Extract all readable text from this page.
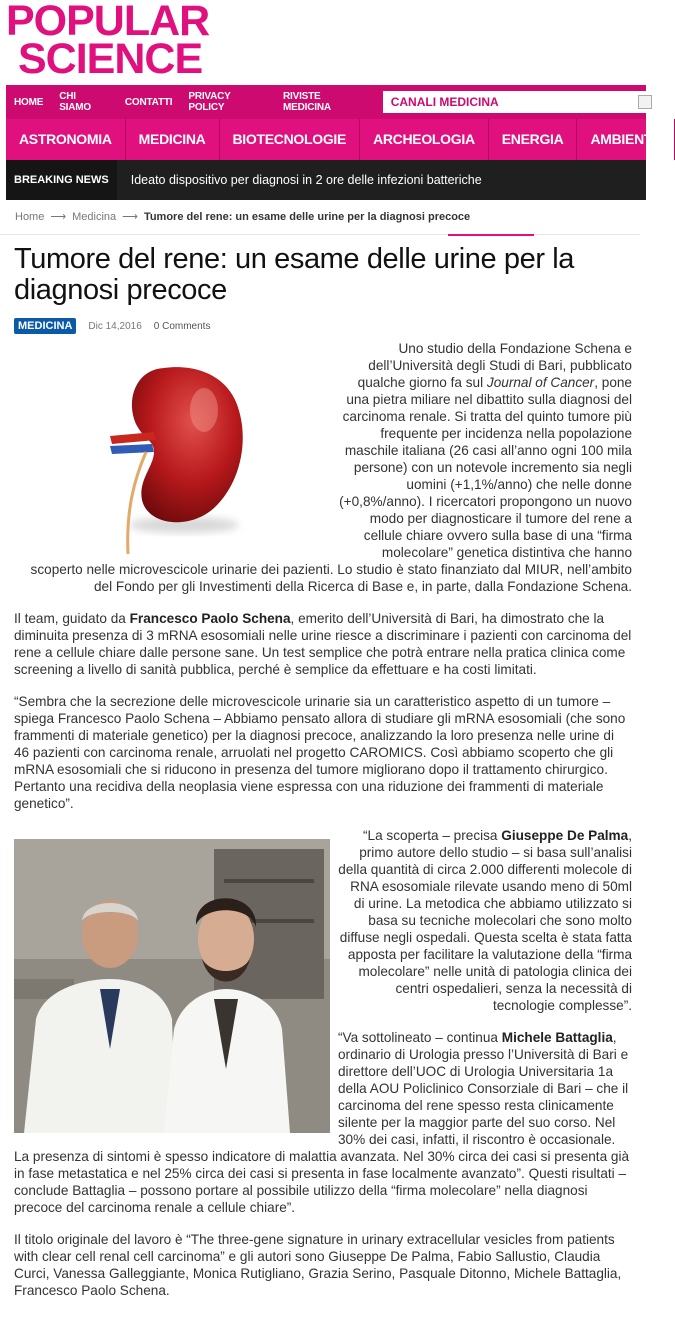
POPULAR
SCIENCE
HOME	CHI SIAMO	CONTATTI	PRIVACY POLICY
RIVISTE MEDICINA	CANALI MEDICINA
ASTRONOMIA	MEDICINA	BIOTECNOLOGIE	ARCHEOLOGIA	ENERGIA	AMBIENTE
BREAKING NEWS	Ideato dispositivo per diagnosi in 2 ore delle infezioni batteriche
Home ⟶ Medicina ⟶ Tumore del rene: un esame delle urine per la diagnosi precoce
Tumore del rene: un esame delle urine per la diagnosi precoce
MEDICINA	Dic 14,2016 0 Comments

Uno studio della Fondazione Schena e dell’Università degli Studi di Bari, pubblicato qualche giorno fa sul Journal of Cancer, pone una pietra miliare nel dibattito sulla diagnosi del carcinoma renale. Si tratta del quinto tumore più frequente per incidenza nella popolazione maschile italiana (26 casi all’anno ogni 100 mila persone) con un notevole incremento sia negli uomini (+1,1%/anno) che nelle donne (+0,8%/anno). I ricercatori propongono un nuovo modo per diagnosticare il tumore del rene a cellule chiare ovvero sulla base di una “firma molecolare” genetica distintiva che hanno scoperto nelle microvescicole urinarie dei pazienti. Lo studio è stato finanziato dal MIUR, nell’ambito del Fondo per gli Investimenti della Ricerca di Base e, in parte, dalla Fondazione Schena.

Il team, guidato da Francesco Paolo Schena, emerito dell’Università di Bari, ha dimostrato che la diminuita presenza di 3 mRNA esosomiali nelle urine riesce a discriminare i pazienti con carcinoma del rene a cellule chiare dalle persone sane. Un test semplice che potrà entrare nella pratica clinica come screening a livello di sanità pubblica, perché è semplice da effettuare e ha costi limitati.

“Sembra che la secrezione delle microvescicole urinarie sia un caratteristico aspetto di un tumore – spiega Francesco Paolo Schena – Abbiamo pensato allora di studiare gli mRNA esosomiali (che sono frammenti di materiale genetico) per la diagnosi precoce, analizzando la loro presenza nelle urine di 46 pazienti con carcinoma renale, arruolati nel progetto CAROMICS. Così abbiamo scoperto che gli mRNA esosomiali che si riducono in presenza del tumore migliorano dopo il trattamento chirurgico. Pertanto una recidiva della neoplasia viene espressa con una riduzione dei frammenti di materiale genetico”.

“La scoperta – precisa Giuseppe De Palma, primo autore dello studio – si basa sull’analisi della quantità di circa 2.000 differenti molecole di RNA esosomiale rilevate usando meno di 50ml di urine. La metodica che abbiamo utilizzato si basa su tecniche molecolari che sono molto diffuse negli ospedali. Questa scelta è stata fatta apposta per facilitare la valutazione della “firma molecolare” nelle unità di patologia clinica dei centri ospedalieri, senza la necessità di tecnologie complesse”.

“Va sottolineato – continua Michele Battaglia, ordinario di Urologia presso l’Università di Bari e direttore dell’UOC di Urologia Universitaria 1a della AOU Policlinico Consorziale di Bari – che il carcinoma del rene spesso resta clinicamente silente per la maggior parte del suo corso. Nel 30% dei casi, infatti, il riscontro è occasionale. La presenza di sintomi è spesso indicatore di malattia avanzata. Nel 30% circa dei casi si presenta già in fase metastatica e nel 25% circa dei casi si presenta in fase localmente avanzato”. Questi risultati – conclude Battaglia – possono portare al possibile utilizzo della “firma molecolare” nella diagnosi precoce del carcinoma renale a cellule chiare”.

Il titolo originale del lavoro è “The three-gene signature in urinary extracellular vesicles from patients with clear cell renal cell carcinoma” e gli autori sono Giuseppe De Palma, Fabio Sallustio, Claudia Curci, Vanessa Galleggiante, Monica Rutigliano, Grazia Serino, Pasquale Ditonno, Michele Battaglia, Francesco Paolo Schena.
